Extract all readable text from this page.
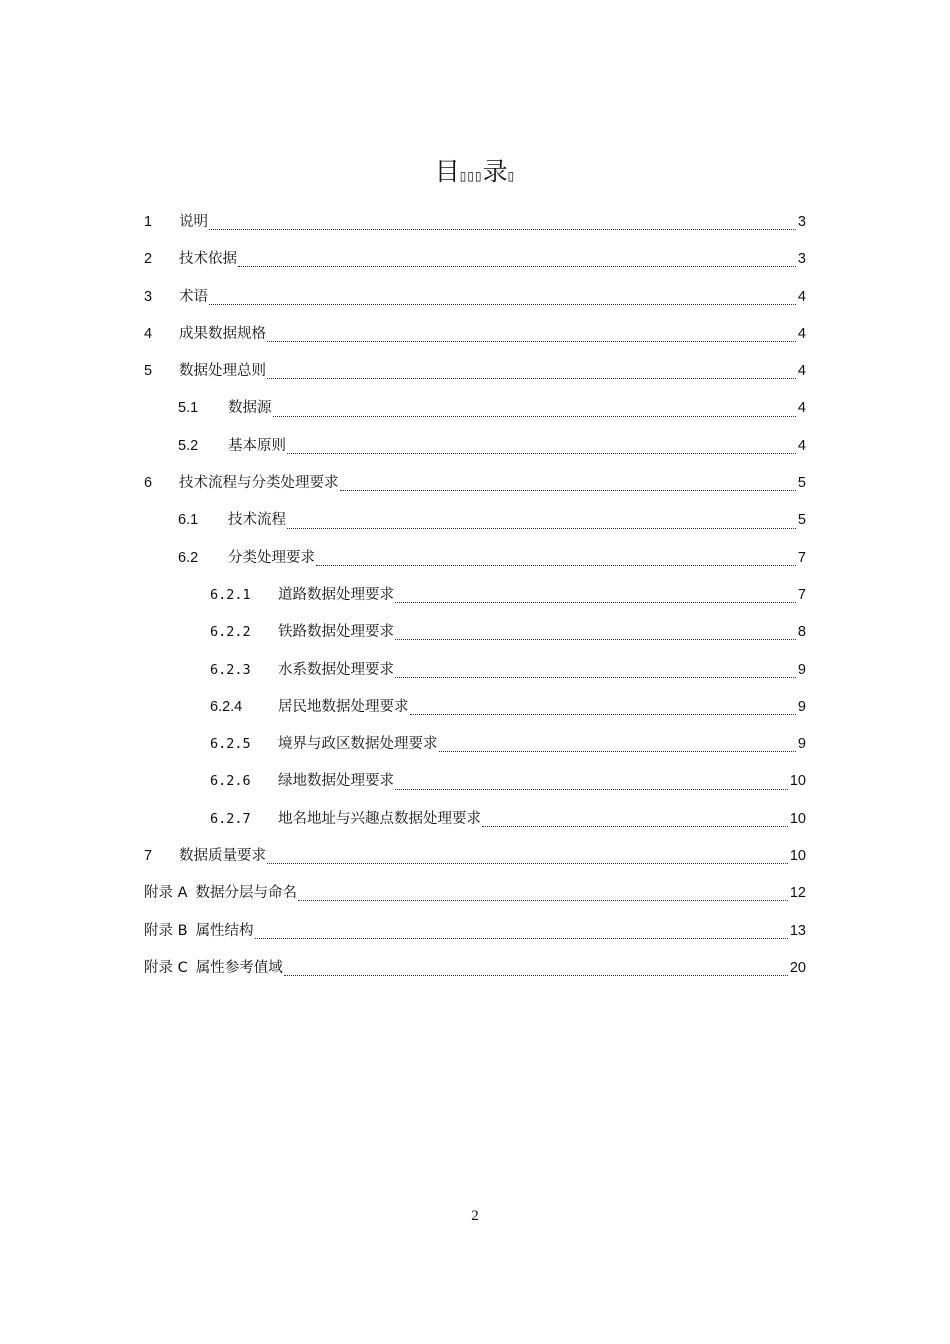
目▯▯▯录▯
1	说明	3
2	技术依据	3
3	术语	4
4	成果数据规格	4
5	数据处理总则	4
5.1	数据源	4
5.2	基本原则	4
6	技术流程与分类处理要求	5
6.1	技术流程	5
6.2	分类处理要求	7
6.2.1	道路数据处理要求	7
6.2.2	铁路数据处理要求	8
6.2.3	水系数据处理要求	9
6.2.4	居民地数据处理要求	9
6.2.5	境界与政区数据处理要求	9
6.2.6	绿地数据处理要求	10
6.2.7	地名地址与兴趣点数据处理要求	10
7	数据质量要求	10
附录 A 数据分层与命名	12
附录 B 属性结构	13
附录 C 属性参考值域	20
2
